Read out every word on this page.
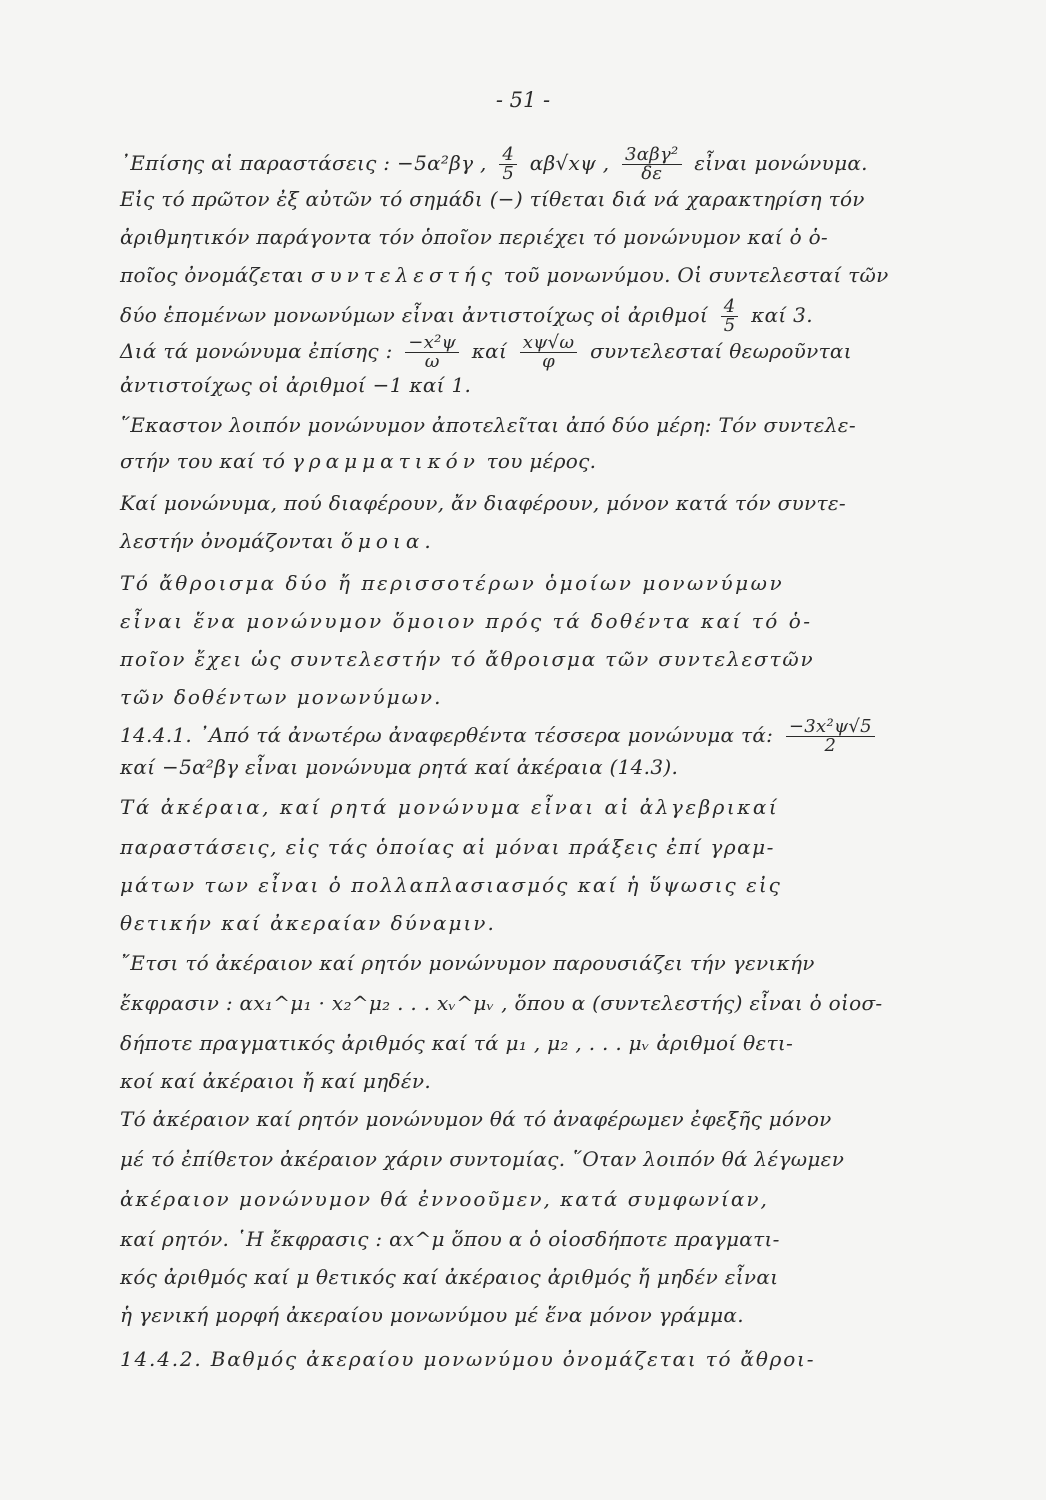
- 51 -
᾽Επίσης αἱ παραστάσεις : −5α²βγ , $\frac{4}{5} \alpha\beta√x\psi$ , $\frac{\text{3αβγ²}}{\delta\varepsilon}$ εἶναι μονώνυμα.
Εἰς τό πρῶτον ἐξ αὐτῶν τό σημάδι (−) τίθεται διά νά χαρακτηρίση τόν
ἀριθμητικόν παράγοντα τόν ὁποῖον περιέχει τό μονώνυμον καί ὁ ὁ-
ποῖος ὀνομάζεται συντελεστής τοῦ μονωνύμου. Οἱ συντελεσταί τῶν
δύο ἑπομένων μονωνύμων εἶναι ἀντιστοίχως οἱ ἀριθμοί $\frac{4}{5}$ καί 3.
Διά τά μονώνυμα ἐπίσης : $\frac{\text{−x²ψ}}{\omega}$ καί $\frac{x\psi√\omega}{\varphi}$ συντελεσταί θεωροῦνται
ἀντιστοίχως οἱ ἀριθμοί −1 καί 1.
῞Εκαστον λοιπόν μονώνυμον ἀποτελεῖται ἀπό δύο μέρη: Τόν συντελε-
στήν του καί τό γραμματικόν του μέρος.
Καί μονώνυμα, πού διαφέρουν, ἄν διαφέρουν, μόνον κατά τόν συντε-
λεστήν ὀνομάζονται ὅμοια.
Τό ἄθροισμα δύο ἤ περισσοτέρων ὁμοίων μονωνύμων
εἶναι ἕνα μονώνυμον ὅμοιον πρός τά δοθέντα καί τό ὁ-
ποῖον ἔχει ὡς συντελεστήν τό ἄθροισμα τῶν συντελεστῶν
τῶν δοθέντων μονωνύμων.
14.4.1. ᾽Από τά ἀνωτέρω ἀναφερθέντα τέσσερα μονώνυμα τά: $\frac{\text{−3x²ψ√5}}{2}$
καί −5α²βγ εἶναι μονώνυμα ρητά καί ἀκέραια (14.3).
Τά ἀκέραια, καί ρητά μονώνυμα εἶναι αἱ ἀλγεβρικαί
παραστάσεις, εἰς τάς ὁποίας αἱ μόναι πράξεις ἐπί γραμ-
μάτων των εἶναι ὁ πολλαπλασιασμός καί ἡ ὕψωσις εἰς
θετικήν καί ἀκεραίαν δύναμιν.
῎Ετσι τό ἀκέραιον καί ρητόν μονώνυμον παρουσιάζει τήν γενικήν
ἔκφρασιν : αx₁^μ₁ · x₂^μ₂ . . . xᵥ^μᵥ , ὅπου α (συντελεστής) εἶναι ὁ οἱοσ-
δήποτε πραγματικός ἀριθμός καί τά μ₁ , μ₂ , . . . μᵥ ἀριθμοί θετι-
κοί καί ἀκέραιοι ἤ καί μηδέν.
Τό ἀκέραιον καί ρητόν μονώνυμον θά τό ἀναφέρωμεν ἐφεξῆς μόνον
μέ τό ἐπίθετον ἀκέραιον χάριν συντομίας. ῞Οταν λοιπόν θά λέγωμεν
ἀκέραιον μονώνυμον θά ἐννοοῦμεν, κατά συμφωνίαν,
καί ρητόν. ῾Η ἔκφρασις : αx^μ ὅπου α ὁ οἱοσδήποτε πραγματι-
κός ἀριθμός καί μ θετικός καί ἀκέραιος ἀριθμός ἤ μηδέν εἶναι
ἡ γενική μορφή ἀκεραίου μονωνύμου μέ ἕνα μόνον γράμμα.
14.4.2. Βαθμός ἀκεραίου μονωνύμου ὀνομάζεται τό ἄθροι-
